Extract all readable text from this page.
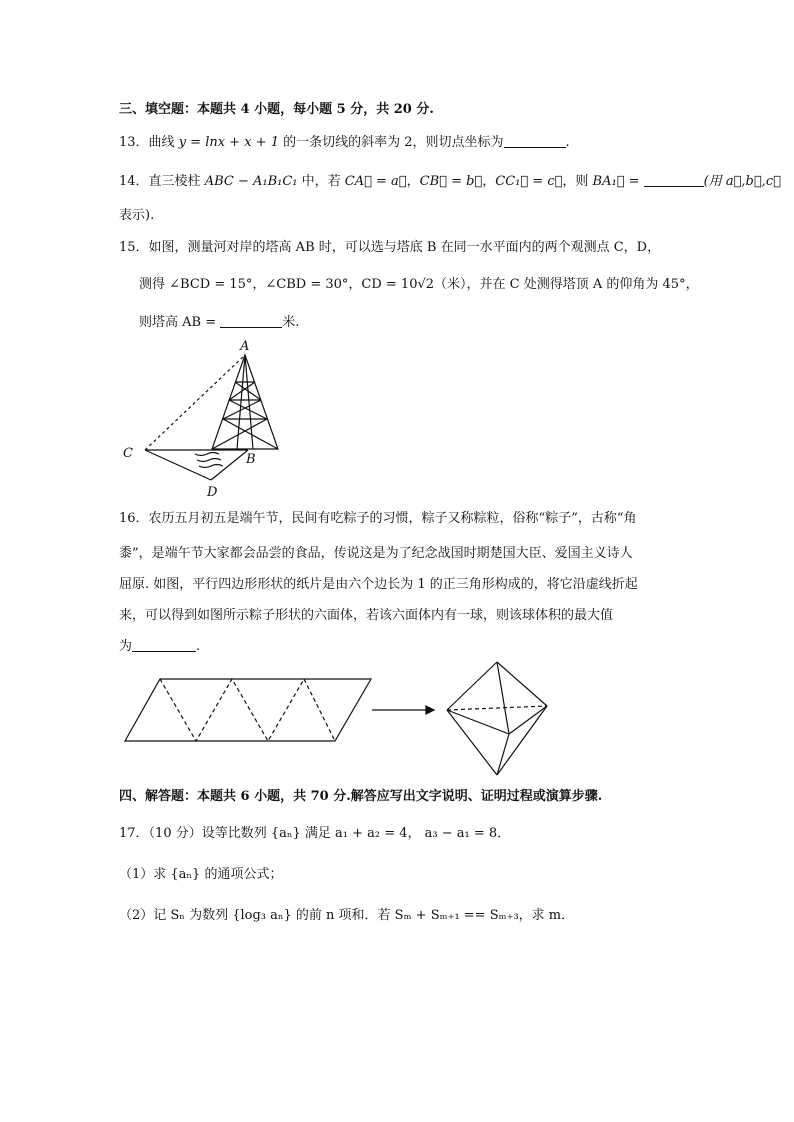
三、填空题：本题共 4 小题，每小题 5 分，共 20 分.
13．曲线 y = lnx + x + 1 的一条切线的斜率为 2，则切点坐标为	.
14．直三棱柱 ABC − A₁B₁C₁ 中，若 CA⃗ = a⃗，CB⃗ = b⃗，CC₁⃗ = c⃗，则 BA₁⃗ =	(用 a⃗,b⃗,c⃗
表示).
15．如图，测量河对岸的塔高 AB 时，可以选与塔底 B 在同一水平面内的两个观测点 C，D，
测得 ∠BCD = 15°，∠CBD = 30°，CD = 10√2（米），并在 C 处测得塔顶 A 的仰角为 45°，
则塔高 AB =	米.
A
B
C
D
16．农历五月初五是端午节，民间有吃粽子的习惯，粽子又称粽粒，俗称“粽子”，古称“角
黍”，是端午节大家都会品尝的食品，传说这是为了纪念战国时期楚国大臣、爱国主义诗人
屈原. 如图，平行四边形形状的纸片是由六个边长为 1 的正三角形构成的，将它沿虚线折起
来，可以得到如图所示粽子形状的六面体，若该六面体内有一球，则该球体积的最大值
为	.
四、解答题：本题共 6 小题，共 70 分.解答应写出文字说明、证明过程或演算步骤.
17．（10 分）设等比数列 {aₙ} 满足 a₁ + a₂ = 4， a₃ − a₁ = 8．
（1）求 {aₙ} 的通项公式；
（2）记 Sₙ 为数列 {log₃ aₙ} 的前 n 项和．若 Sₘ + Sₘ₊₁ == Sₘ₊₃，求 m．
